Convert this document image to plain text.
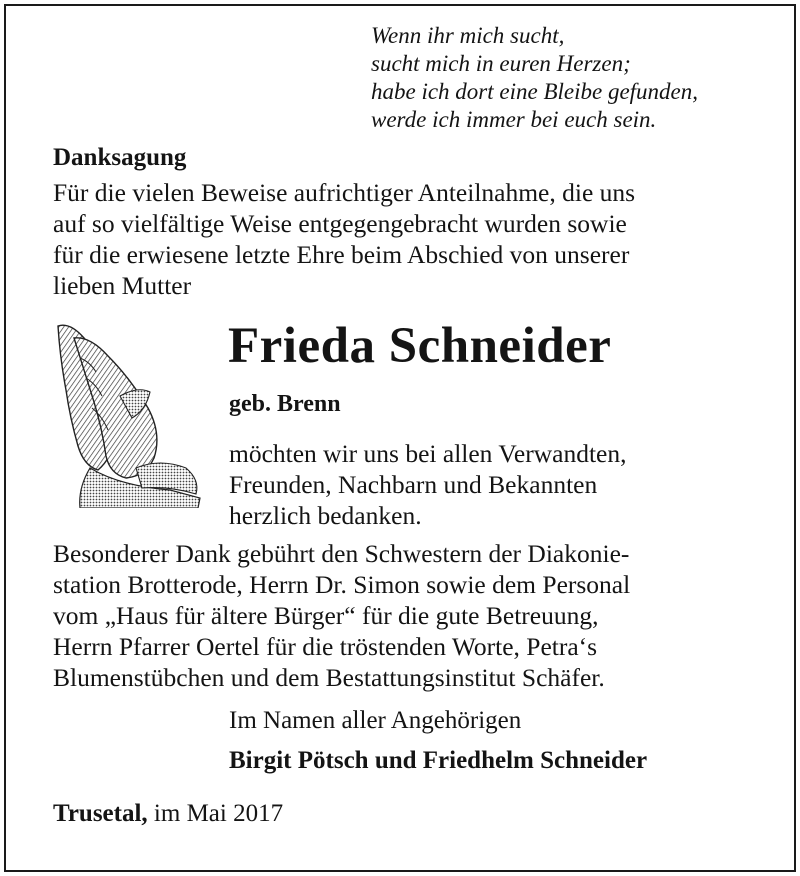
Wenn ihr mich sucht,
sucht mich in euren Herzen;
habe ich dort eine Bleibe gefunden,
werde ich immer bei euch sein.
Danksagung
Für die vielen Beweise aufrichtiger Anteilnahme, die uns
auf so vielfältige Weise entgegengebracht wurden sowie
für die erwiesene letzte Ehre beim Abschied von unserer
lieben Mutter
Frieda Schneider
geb. Brenn
möchten wir uns bei allen Verwandten,
Freunden, Nachbarn und Bekannten
herzlich bedanken.
Besonderer Dank gebührt den Schwestern der Diakonie-
station Brotterode, Herrn Dr. Simon sowie dem Personal
vom „Haus für ältere Bürger“ für die gute Betreuung,
Herrn Pfarrer Oertel für die tröstenden Worte, Petra‘s
Blumenstübchen und dem Bestattungsinstitut Schäfer.
Im Namen aller Angehörigen
Birgit Pötsch und Friedhelm Schneider
Trusetal, im Mai 2017
